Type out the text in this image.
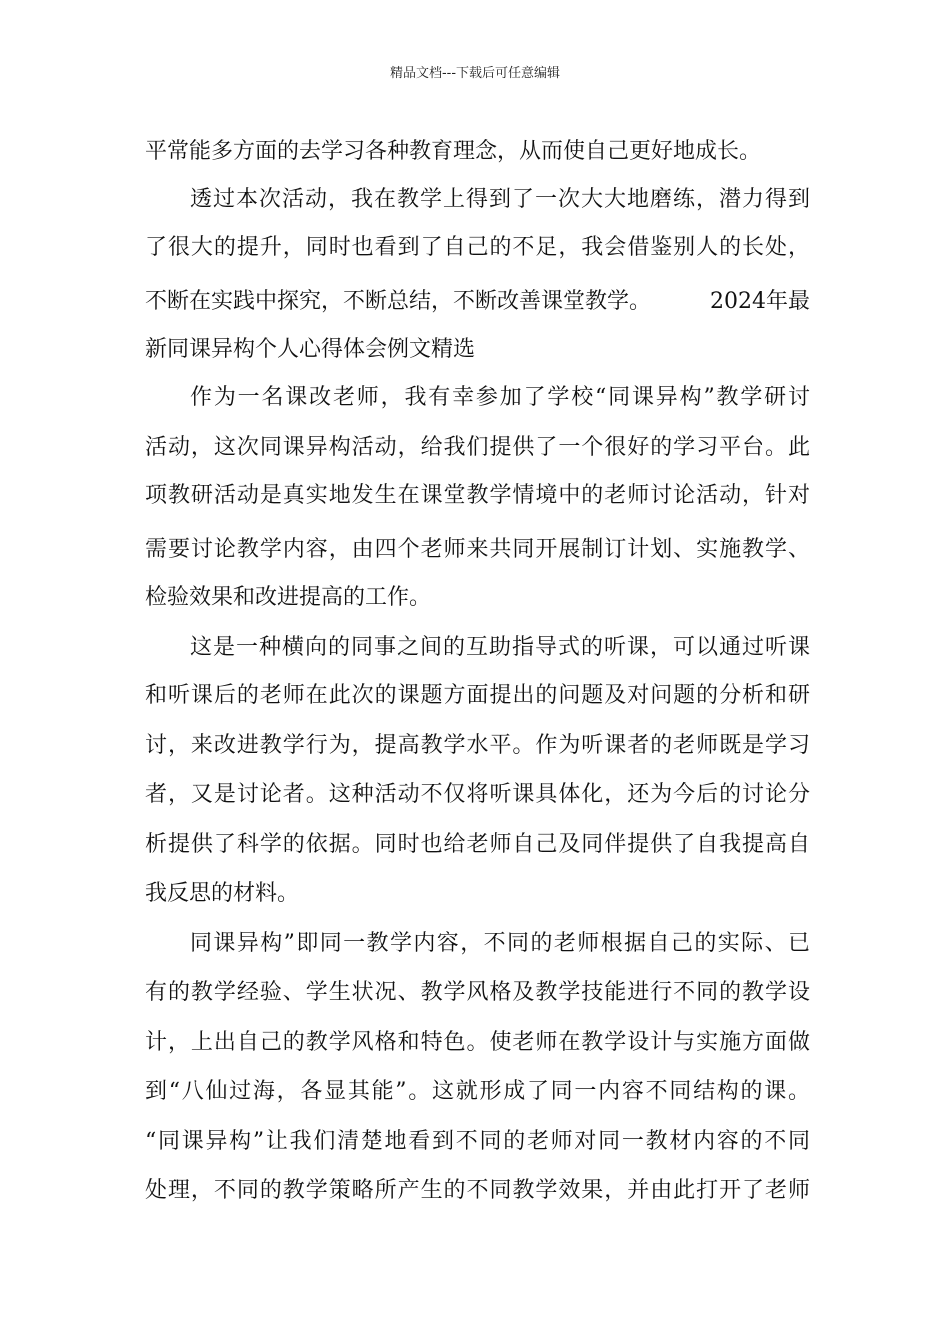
精品文档---下载后可任意编辑
平常能多方面的去学习各种教育理念，从而使自己更好地成长。
透过本次活动，我在教学上得到了一次大大地磨练，潜力得到
了很大的提升，同时也看到了自己的不足，我会借鉴别人的长处，
不断在实践中探究，不断总结，不断改善课堂教学。	2024年最
新同课异构个人心得体会例文精选
作为一名课改老师，我有幸参加了学校“同课异构”教学研讨
活动，这次同课异构活动，给我们提供了一个很好的学习平台。此
项教研活动是真实地发生在课堂教学情境中的老师讨论活动，针对
需要讨论教学内容，由四个老师来共同开展制订计划、实施教学、
检验效果和改进提高的工作。
这是一种横向的同事之间的互助指导式的听课，可以通过听课
和听课后的老师在此次的课题方面提出的问题及对问题的分析和研
讨，来改进教学行为，提高教学水平。作为听课者的老师既是学习
者，又是讨论者。这种活动不仅将听课具体化，还为今后的讨论分
析提供了科学的依据。同时也给老师自己及同伴提供了自我提高自
我反思的材料。
同课异构”即同一教学内容，不同的老师根据自己的实际、已
有的教学经验、学生状况、教学风格及教学技能进行不同的教学设
计，上出自己的教学风格和特色。使老师在教学设计与实施方面做
到“八仙过海，各显其能”。这就形成了同一内容不同结构的课。
“同课异构”让我们清楚地看到不同的老师对同一教材内容的不同
处理，不同的教学策略所产生的不同教学效果，并由此打开了老师
